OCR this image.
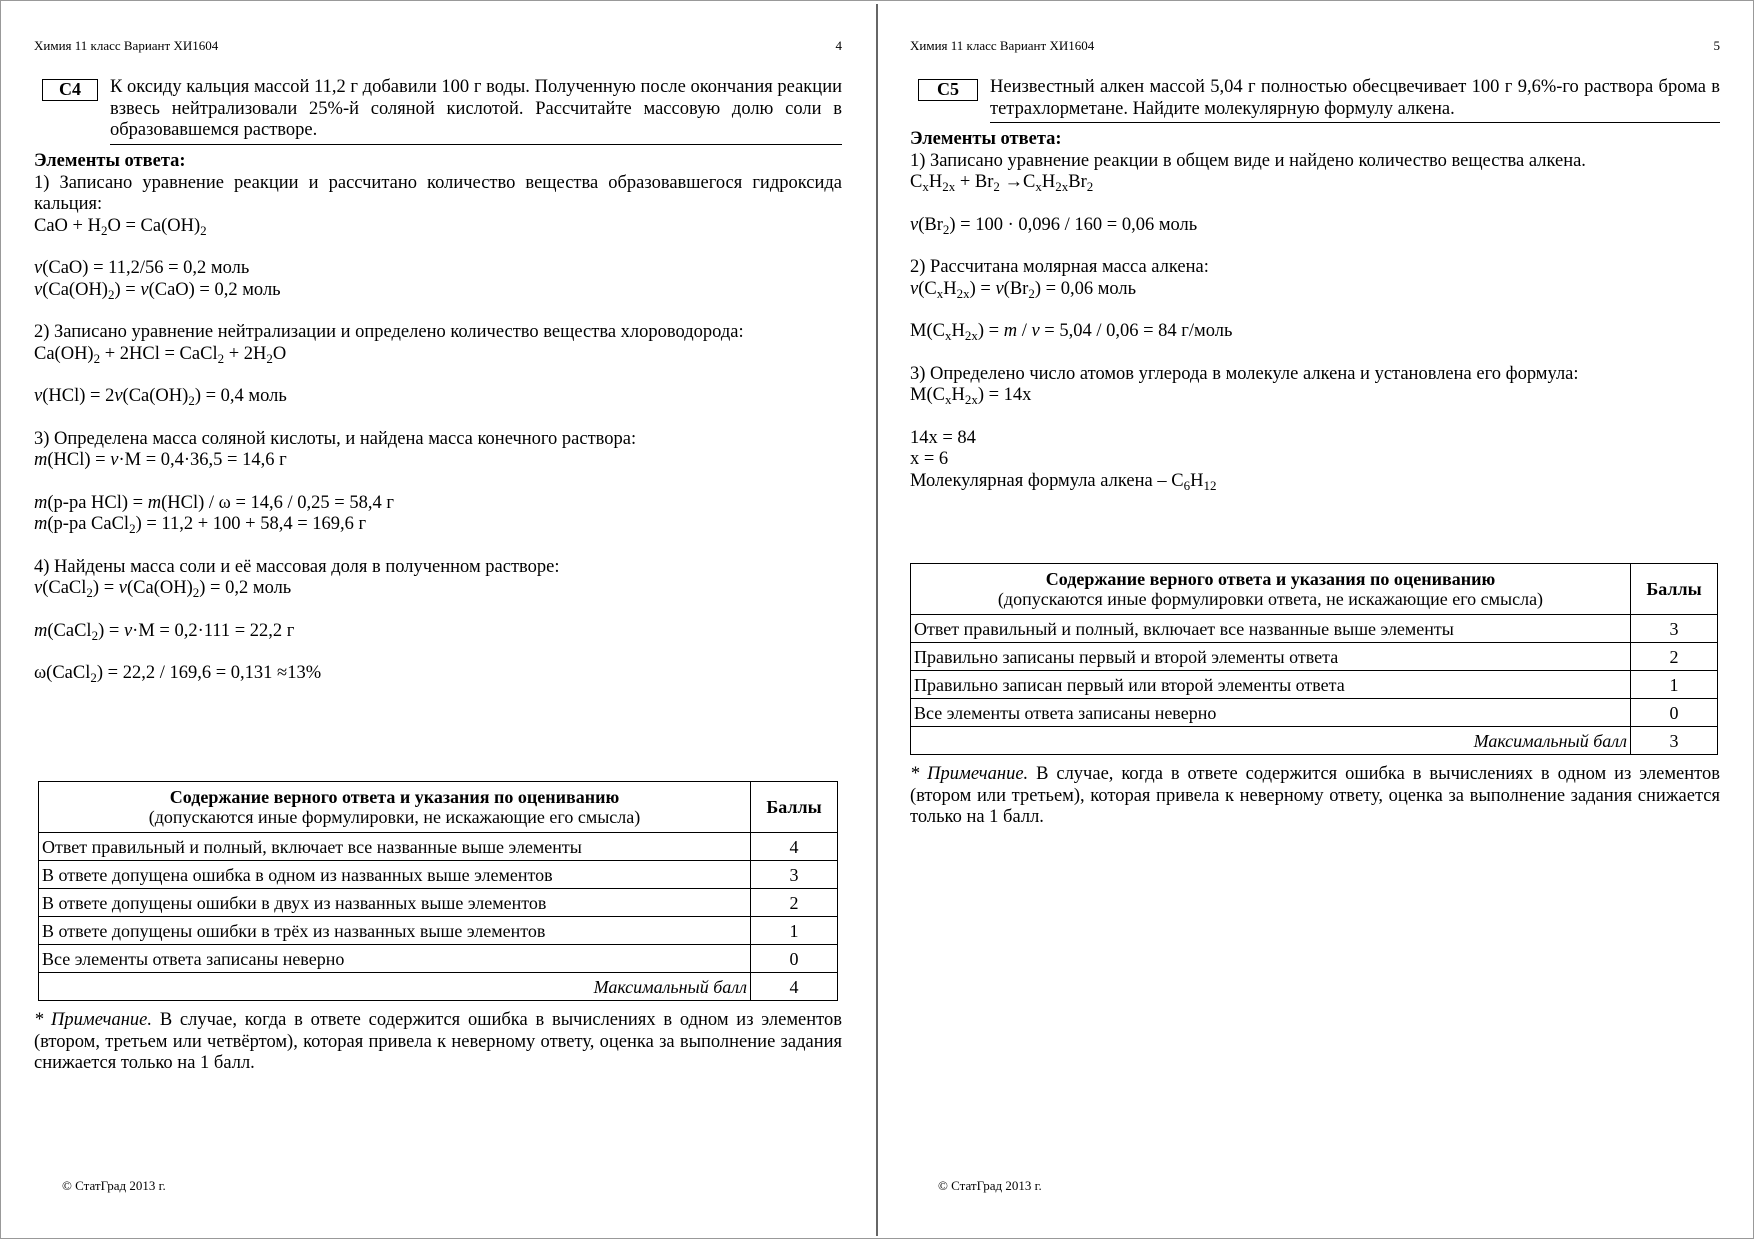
Химия 11 класс Вариант ХИ1604	4
С4	К оксиду кальция массой 11,2 г добавили 100 г воды. Полученную после окончания реакции взвесь нейтрализовали 25%-й соляной кислотой. Рассчитайте массовую долю соли в образовавшемся растворе.

Элементы ответа:

1) Записано уравнение реакции и рассчитано количество вещества образовавшегося гидроксида кальция:

CaO + $H_2O = Ca(OH)_2$

ν(CaO) = 11,2/56 = 0,2 моль

$\nu(Ca(OH)_2) = \nu(CaO) = 0,2$ моль

2) Записано уравнение нейтрализации и определено количество вещества хлороводорода:

$Ca(OH)_2 + 2HCl$ = CaCl$_2$ + $2H_2O$

$\nu(HCl) = 2\nu(Ca(OH)_2) = 0,4$ моль

3) Определена масса соляной кислоты, и найдена масса конечного раствора:

m(HCl) = ν·M = 0,4·36,5 = 14,6 г

m(р-ра HCl) = m(HCl) / ω = 14,6 / 0,25 = 58,4 г

m(р-ра CaCl$_2$) = 11,2 + 100 + 58,4 = 169,6 г

4) Найдены масса соли и её массовая доля в полученном растворе:

ν(CaCl$_2$) = $\nu(Ca(OH)_2) = 0,2$ моль

m(CaCl$_2$) = ν·M = 0,2·111 = 22,2 г

ω(CaCl$_2$) = 22,2 / 169,6 = 0,131 ≈13%

Содержание верного ответа и указания по оцениванию
(допускаются иные формулировки, не искажающие его смысла)	Баллы
Ответ правильный и полный, включает все названные выше элементы	4
В ответе допущена ошибка в одном из названных выше элементов	3
В ответе допущены ошибки в двух из названных выше элементов	2
В ответе допущены ошибки в трёх из названных выше элементов	1
Все элементы ответа записаны неверно	0
Максимальный балл	4
* Примечание. В случае, когда в ответе содержится ошибка в вычислениях в одном из элементов (втором, третьем или четвёртом), которая привела к неверному ответу, оценка за выполнение задания снижается только на 1 балл.
© СтатГрад 2013 г.
Химия 11 класс Вариант ХИ1604	5
С5	Неизвестный алкен массой 5,04 г полностью обесцвечивает 100 г 9,6%-го раствора брома в тетрахлорметане. Найдите молекулярную формулу алкена.

Элементы ответа:

1) Записано уравнение реакции в общем виде и найдено количество вещества алкена.

$C_xH_{2x} + Br_2 \to C_xH_{2x}Br_2$

$\nu(Br_2) = 100 \cdot 0,096 / 160 = 0,06$ моль

2) Рассчитана молярная масса алкена:

$\nu(C_xH_{2x}) = \nu(Br_2) = 0,06$ моль

$M(C_xH_{2x}) = m / \nu = 5,04 / 0,06 = 84$ г/моль

3) Определено число атомов углерода в молекуле алкена и установлена его формула:

$M(C_xH_{2x}) = 14x$

14x = 84

x = 6

Молекулярная формула алкена – $C_6H_{12}$

Содержание верного ответа и указания по оцениванию
(допускаются иные формулировки ответа, не искажающие его смысла)	Баллы
Ответ правильный и полный, включает все названные выше элементы	3
Правильно записаны первый и второй элементы ответа	2
Правильно записан первый или второй элементы ответа	1
Все элементы ответа записаны неверно	0
Максимальный балл	3
* Примечание. В случае, когда в ответе содержится ошибка в вычислениях в одном из элементов (втором или третьем), которая привела к неверному ответу, оценка за выполнение задания снижается только на 1 балл.
© СтатГрад 2013 г.
